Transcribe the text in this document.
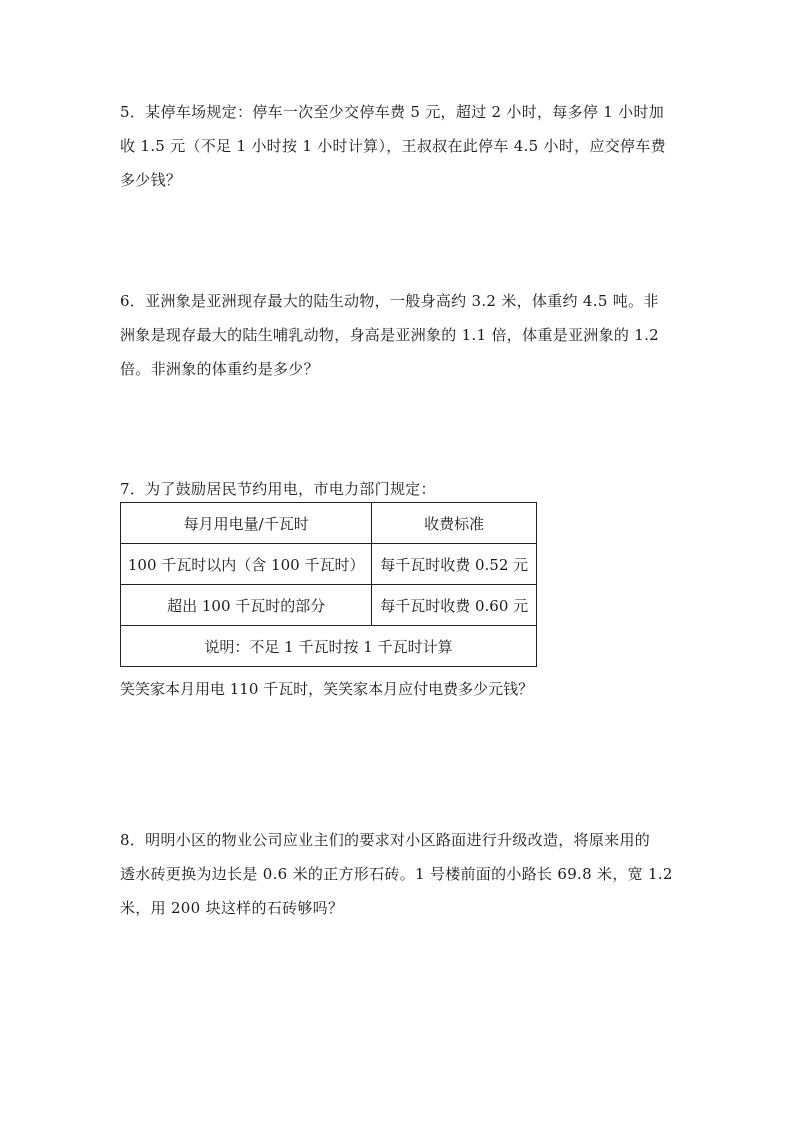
5．某停车场规定：停车一次至少交停车费 5 元，超过 2 小时，每多停 1 小时加
收 1.5 元（不足 1 小时按 1 小时计算），王叔叔在此停车 4.5 小时，应交停车费
多少钱？
6．亚洲象是亚洲现存最大的陆生动物，一般身高约 3.2 米，体重约 4.5 吨。非
洲象是现存最大的陆生哺乳动物，身高是亚洲象的 1.1 倍，体重是亚洲象的 1.2
倍。非洲象的体重约是多少？
7．为了鼓励居民节约用电，市电力部门规定：
每月用电量/千瓦时	收费标准
100 千瓦时以内（含 100 千瓦时）	每千瓦时收费 0.52 元
超出 100 千瓦时的部分	每千瓦时收费 0.60 元
说明：不足 1 千瓦时按 1 千瓦时计算	
笑笑家本月用电 110 千瓦时，笑笑家本月应付电费多少元钱？
8．明明小区的物业公司应业主们的要求对小区路面进行升级改造，将原来用的
透水砖更换为边长是 0.6 米的正方形石砖。1 号楼前面的小路长 69.8 米，宽 1.2
米，用 200 块这样的石砖够吗？
